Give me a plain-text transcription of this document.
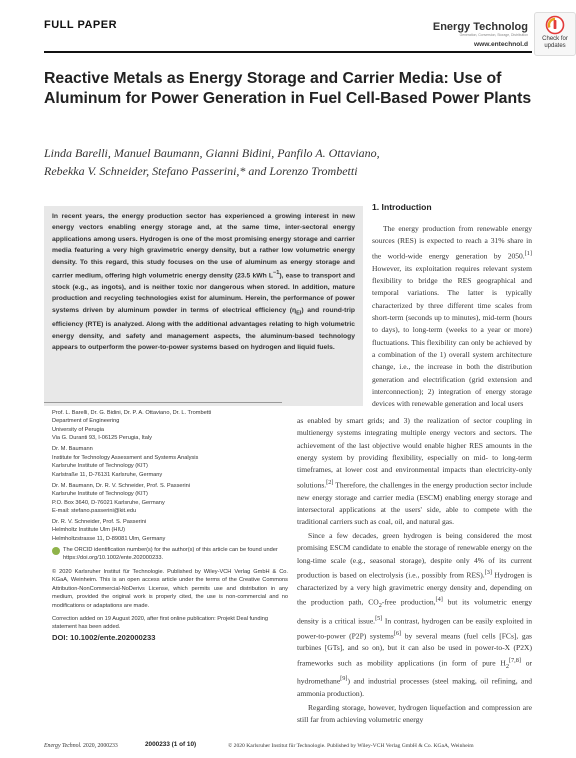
FULL PAPER	Energy Technolog
Generation, Conversion, Storage, Distribution
www.entechnol.d
Check for
updates
Reactive Metals as Energy Storage and Carrier Media: Use of Aluminum for Power Generation in Fuel Cell-Based Power Plants

Linda Barelli, Manuel Baumann, Gianni Bidini, Panfilo A. Ottaviano,
Rebekka V. Schneider, Stefano Passerini,* and Lorenzo Trombetti

In recent years, the energy production sector has experienced a growing interest in new energy vectors enabling energy storage and, at the same time, inter-sectoral energy applications among users. Hydrogen is one of the most promising energy storage and carrier media featuring a very high gravimetric energy density, but a rather low volumetric energy density. To this regard, this study focuses on the use of aluminum as energy storage and carrier medium, offering high volumetric energy density (23.5 kWh $L^{-1}$), ease to transport and stock (e.g., as ingots), and is neither toxic nor dangerous when stored. In addition, mature production and recycling technologies exist for aluminum. Herein, the performance of power systems driven by aluminum powder in terms of electrical efficiency $(\eta_{EI})$ and round-trip efficiency (RTE) is analyzed. Along with the additional advantages relating to high volumetric energy density, and safety and management aspects, the aluminum-based technology appears to outperform the power-to-power systems based on hydrogen and liquid fuels.

1. Introduction

The energy production from renewable energy sources (RES) is expected to reach a 31% share in the world-wide energy generation by 2050.[1] However, its exploitation requires relevant system flexibility to bridge the RES geographical and temporal variations. The latter is typically characterized by three different time scales from short-term (seconds up to minutes), mid-term (hours to days), to long-term (weeks to a year or more) fluctuations. This flexibility can only be achieved by a combination of the 1) overall system architecture change, i.e., the increase in both the distribution generation and electrification (grid extension and interconnection); 2) integration of energy storage devices with renewable generation and local users

as enabled by smart grids; and 3) the realization of sector coupling in multienergy systems integrating multiple energy vectors and sectors. The achievement of the last objective would enable higher RES amounts in the energy system by providing flexibility, especially on mid- to long-term timeframes, at lower cost and environmental impacts than electricity-only solutions.[2] Therefore, the challenges in the energy production sector include new energy storage and carrier media (ESCM) enabling energy storage and intersectoral applications at the users' side, able to compete with the traditional carriers such as coal, oil, and natural gas.

Since a few decades, green hydrogen is being considered the most promising ESCM candidate to enable the storage of renewable energy on the long-time scale (e.g., seasonal storage), despite only 4% of its current production is based on electrolysis (i.e., possibly from RES).[3] Hydrogen is characterized by a very high gravimetric energy density and, depending on the production path, $CO_2$-free production,[4] but its volumetric energy density is a critical issue.[5] In contrast, hydrogen can be easily exploited in power-to-power (P2P) systems[6] by several means (fuel cells [FCs], gas turbines [GTs], and so on), but it can also be used in power-to-X (P2X) frameworks such as mobility applications (in form of pure $H_2[7,8]$ or hydromethane[9]) and industrial processes (steel making, oil refining, and ammonia production).

Regarding storage, however, hydrogen liquefaction and compression are still far from achieving volumetric energy

Prof. L. Barelli, Dr. G. Bidini, Dr. P. A. Ottaviano, Dr. L. Trombetti
Department of Engineering
University of Perugia
Via G. Duranti 93, I-06125 Perugia, Italy
Dr. M. Baumann
Institute for Technology Assessment and Systems Analysis
Karlsruhe Institute of Technology (KIT)
Karlstraße 11, D-76131 Karlsruhe, Germany
Dr. M. Baumann, Dr. R. V. Schneider, Prof. S. Passerini
Karlsruhe Institute of Technology (KIT)
P.O. Box 3640, D-76021 Karlsruhe, Germany
E-mail: stefano.passerini@kit.edu
Dr. R. V. Schneider, Prof. S. Passerini
Helmholtz Institute Ulm (HIU)
Helmholtzstrasse 11, D-89081 Ulm, Germany
The ORCID identification number(s) for the author(s) of this article can be found under https://doi.org/10.1002/ente.202000233.
© 2020 Karlsruher Institut für Technologie. Published by Wiley-VCH Verlag GmbH & Co. KGaA, Weinheim. This is an open access article under the terms of the Creative Commons Attribution-NonCommercial-NoDerivs License, which permits use and distribution in any medium, provided the original work is properly cited, the use is non-commercial and no modifications or adaptations are made.
Correction added on 19 August 2020, after first online publication: Projekt Deal funding statement has been added.
DOI: 10.1002/ente.202000233
Energy Technol. 2020, 2000233	2000233 (1 of 10)	© 2020 Karlsruher Institut für Technologie. Published by Wiley-VCH Verlag GmbH & Co. KGaA, Weinheim
